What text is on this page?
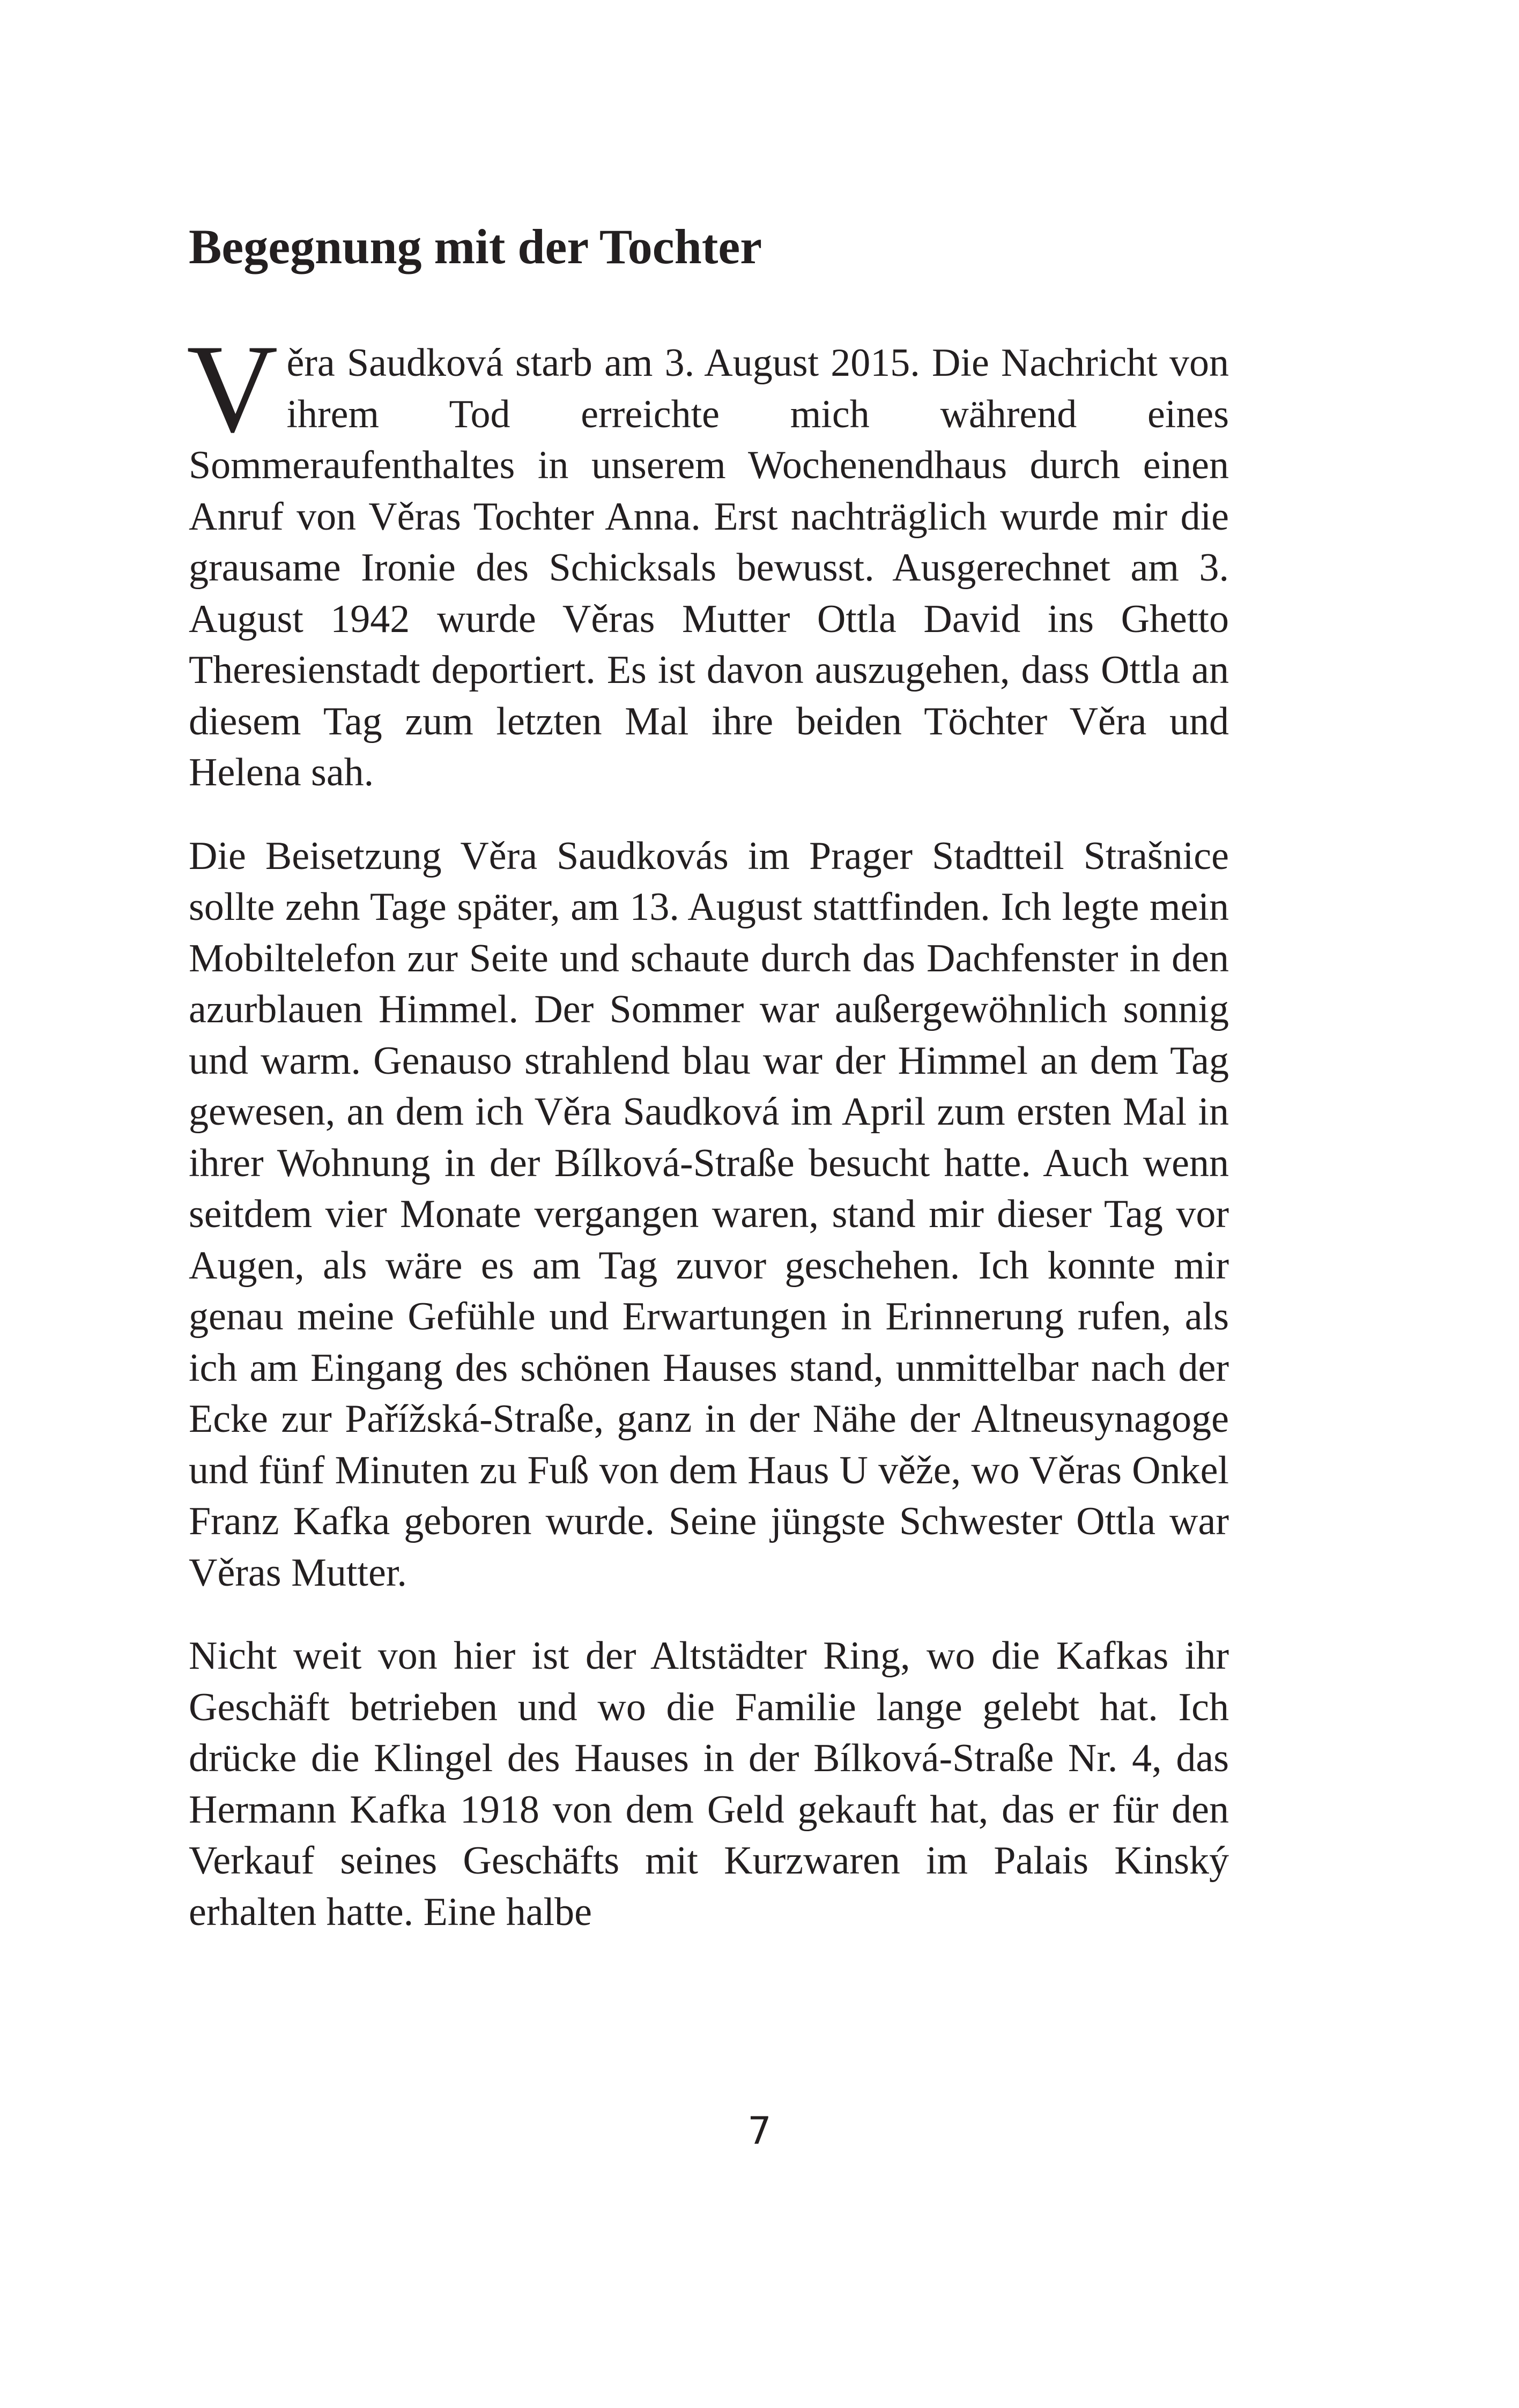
Begegnung mit der Tochter

Věra Saudková starb am 3. August 2015. Die Nachricht von ihrem Tod erreichte mich während eines Sommeraufenthaltes in unserem Wochenendhaus durch einen Anruf von Věras Tochter Anna. Erst nachträglich wurde mir die grausame Ironie des Schicksals bewusst. Ausgerechnet am 3. August 1942 wurde Věras Mutter Ottla David ins Ghetto Theresienstadt deportiert. Es ist davon auszugehen, dass Ottla an diesem Tag zum letzten Mal ihre beiden Töchter Věra und Helena sah.

Die Beisetzung Věra Saudkovás im Prager Stadtteil Strašnice sollte zehn Tage später, am 13. August stattfinden. Ich legte mein Mobiltelefon zur Seite und schaute durch das Dachfenster in den azurblauen Himmel. Der Sommer war außergewöhnlich sonnig und warm. Genauso strahlend blau war der Himmel an dem Tag gewesen, an dem ich Věra Saudková im April zum ersten Mal in ihrer Wohnung in der Bílková-Straße besucht hatte. Auch wenn seitdem vier Monate vergangen waren, stand mir dieser Tag vor Augen, als wäre es am Tag zuvor geschehen. Ich konnte mir genau meine Gefühle und Erwartungen in Erinnerung rufen, als ich am Eingang des schönen Hauses stand, unmittelbar nach der Ecke zur Pařížská-Straße, ganz in der Nähe der Altneusynagoge und fünf Minuten zu Fuß von dem Haus U věže, wo Věras Onkel Franz Kafka geboren wurde. Seine jüngste Schwester Ottla war Věras Mutter.

Nicht weit von hier ist der Altstädter Ring, wo die Kafkas ihr Geschäft betrieben und wo die Familie lange gelebt hat. Ich drücke die Klingel des Hauses in der Bílková-Straße Nr. 4, das Hermann Kafka 1918 von dem Geld gekauft hat, das er für den Verkauf seines Geschäfts mit Kurzwaren im Palais Kinský erhalten hatte. Eine halbe

7
